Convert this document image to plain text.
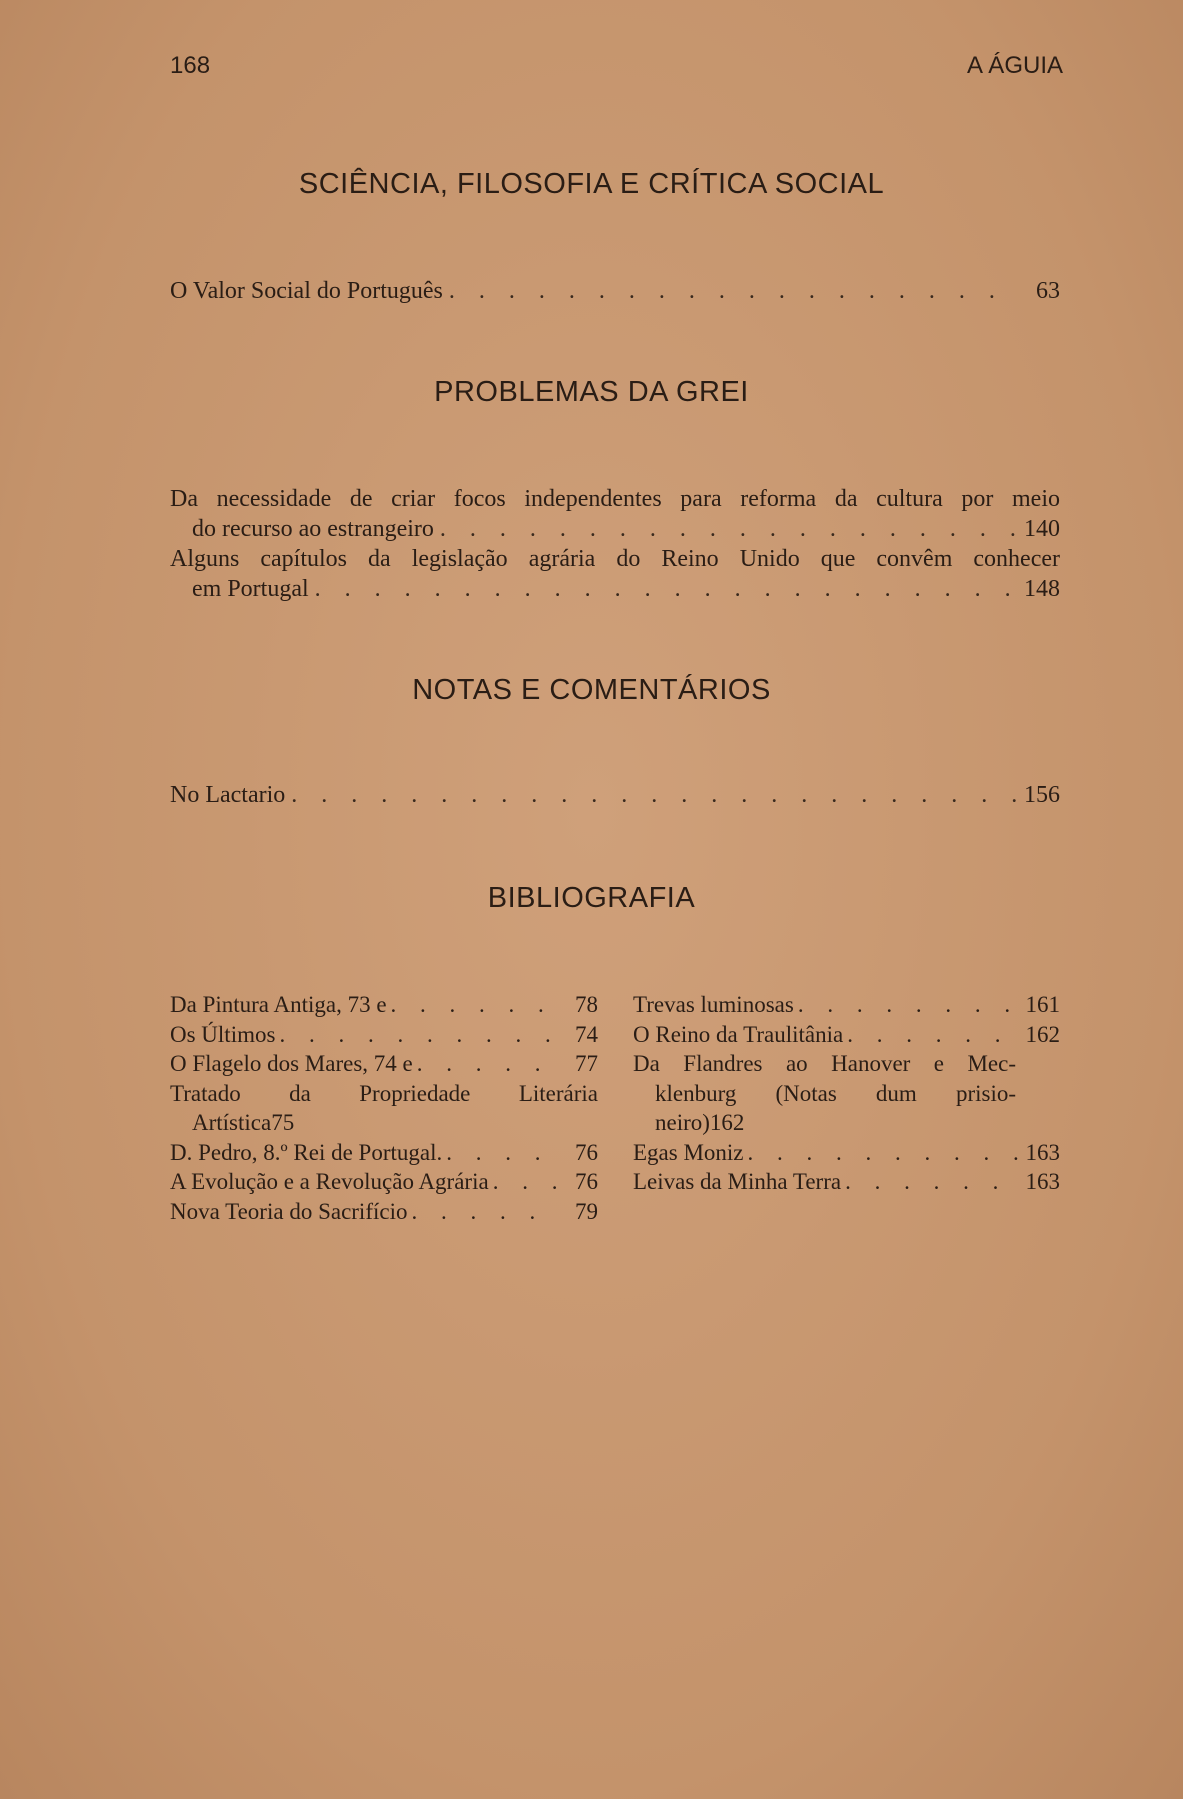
168	A ÁGUIA
SCIÊNCIA, FILOSOFIA E CRÍTICA SOCIAL
O Valor Social do Português . . .	63
PROBLEMAS DA GREI
Da necessidade de criar focos independentes para reforma da cultura por meio
do recurso ao estrangeiro . . .	140
Alguns capítulos da legislação agrária do Reino Unido que convêm conhecer
em Portugal . . .	148
NOTAS E COMENTÁRIOS
No Lactario . . .	156
BIBLIOGRAFIA
Da Pintura Antiga, 73 e . . .	78
Os Últimos . . .	74
O Flagelo dos Mares, 74 e . . .	77
Tratado da Propriedade Literária
Artística 75
D. Pedro, 8.º Rei de Portugal. . . .	76
A Evolução e a Revolução Agrária . . .	76
Nova Teoria do Sacrifício . . .	79
Trevas luminosas . . .	161
O Reino da Traulitânia . . .	162
Da Flandres ao Hanover e Mec-
klenburg (Notas dum prisio-
neiro) 162
Egas Moniz . . .	163
Leivas da Minha Terra . . .	163
